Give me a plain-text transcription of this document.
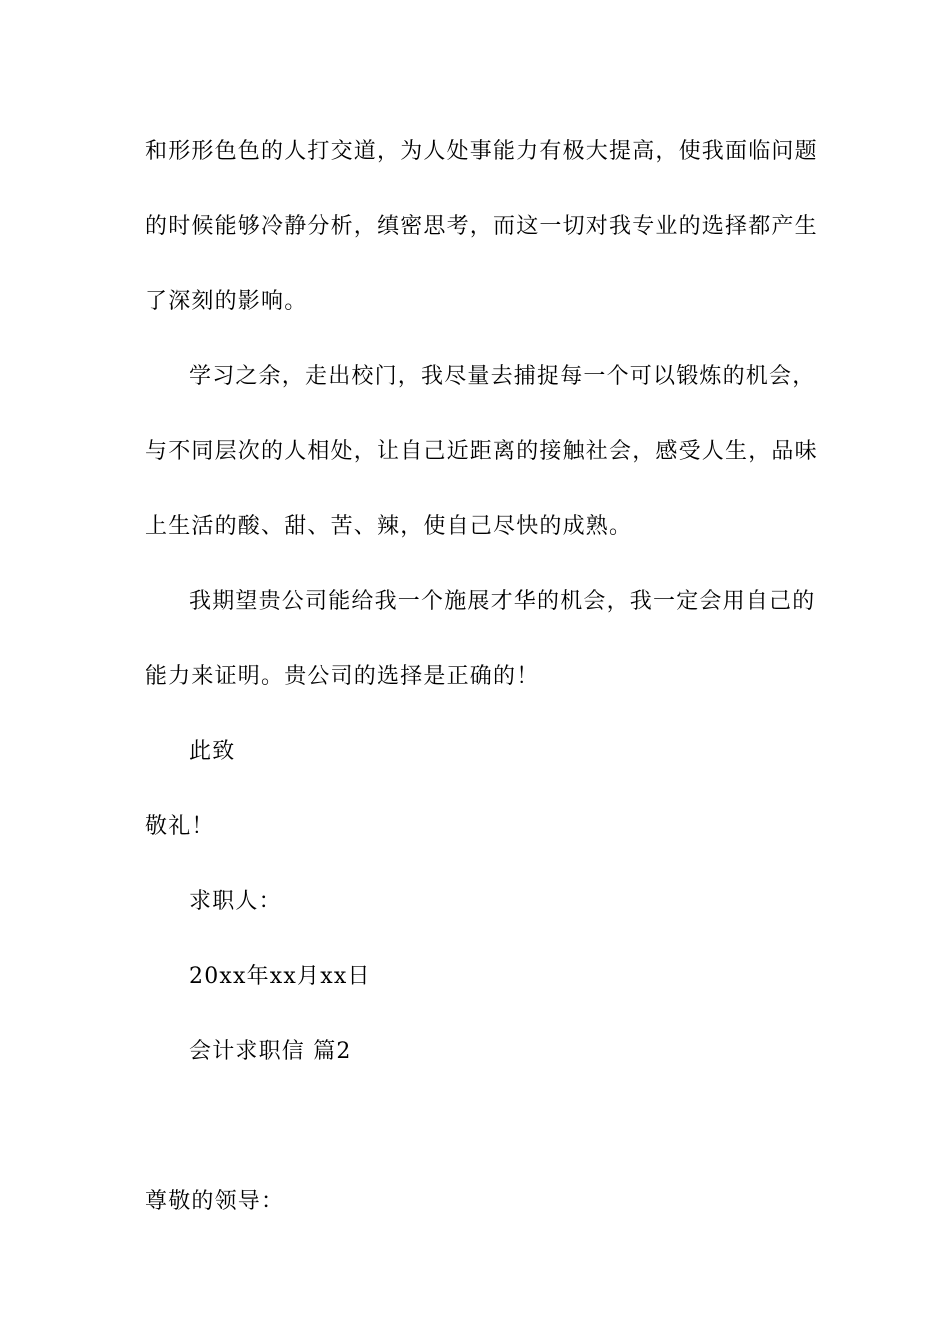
和形形色色的人打交道，为人处事能力有极大提高，使我面临问题
的时候能够冷静分析，缜密思考，而这一切对我专业的选择都产生
了深刻的影响。
学习之余，走出校门，我尽量去捕捉每一个可以锻炼的机会，
与不同层次的人相处，让自己近距离的接触社会，感受人生，品味
上生活的酸、甜、苦、辣，使自己尽快的成熟。
我期望贵公司能给我一个施展才华的机会，我一定会用自己的
能力来证明。贵公司的选择是正确的！
此致
敬礼！
求职人：
20xx年xx月xx日
会计求职信 篇2
尊敬的领导：
